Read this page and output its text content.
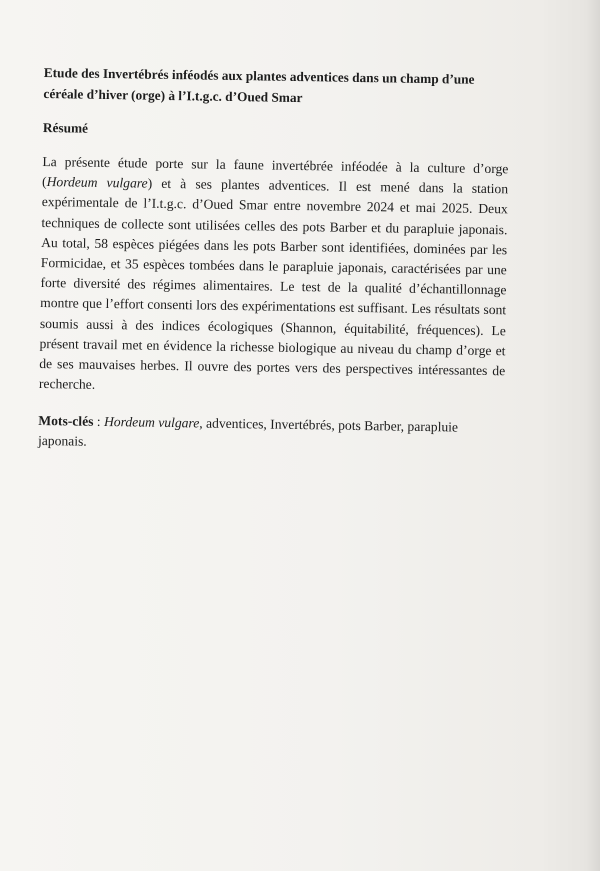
Etude des Invertébrés inféodés aux plantes adventices dans un champ d’une céréale d’hiver (orge) à l’I.t.g.c. d’Oued Smar

Résumé

La présente étude porte sur la faune invertébrée inféodée à la culture d’orge (Hordeum vulgare) et à ses plantes adventices. Il est mené dans la station expérimentale de l’I.t.g.c. d’Oued Smar entre novembre 2024 et mai 2025. Deux techniques de collecte sont utilisées celles des pots Barber et du parapluie japonais. Au total, 58 espèces piégées dans les pots Barber sont identifiées, dominées par les Formicidae, et 35 espèces tombées dans le parapluie japonais, caractérisées par une forte diversité des régimes alimentaires. Le test de la qualité d’échantillonnage montre que l’effort consenti lors des expérimentations est suffisant. Les résultats sont soumis aussi à des indices écologiques (Shannon, équitabilité, fréquences). Le présent travail met en évidence la richesse biologique au niveau du champ d’orge et de ses mauvaises herbes. Il ouvre des portes vers des perspectives intéressantes de recherche.

Mots-clés : Hordeum vulgare, adventices, Invertébrés, pots Barber, parapluie japonais.
